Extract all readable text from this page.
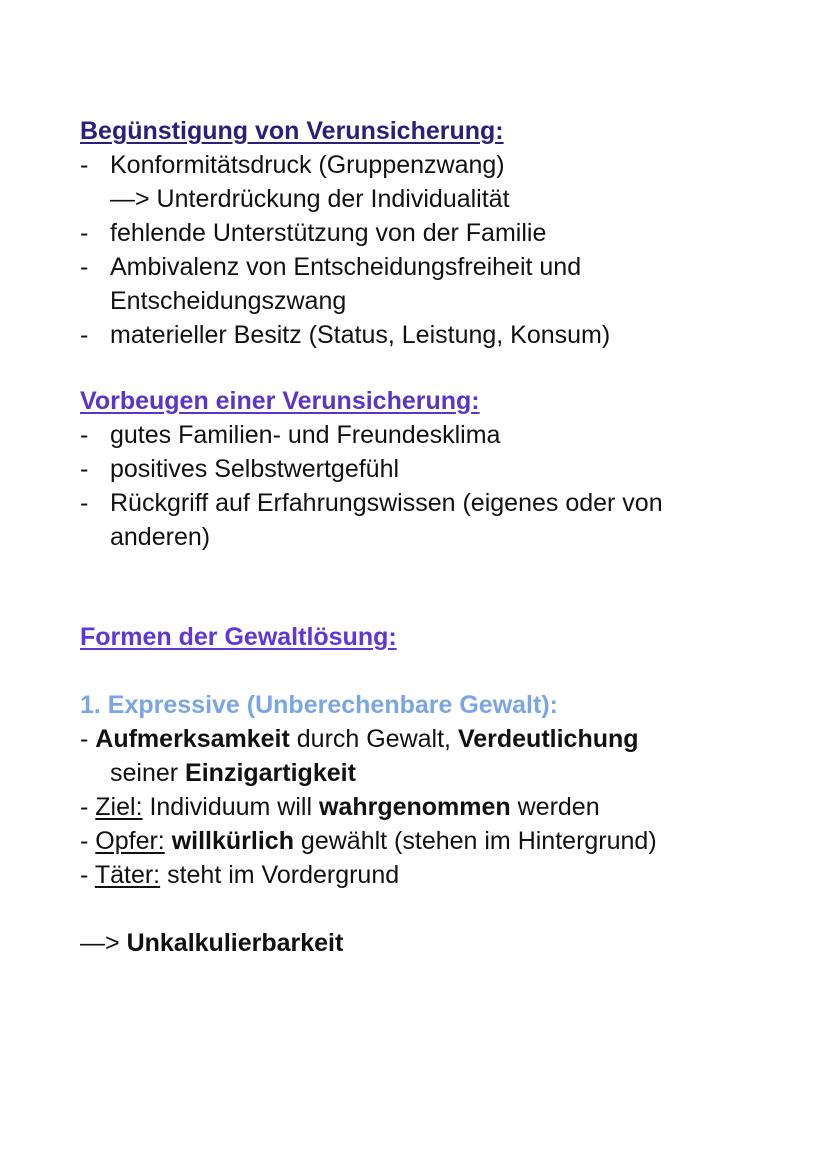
Begünstigung von Verunsicherung:
- Konformitätsdruck (Gruppenzwang)
—> Unterdrückung der Individualität
- fehlende Unterstützung von der Familie
- Ambivalenz von Entscheidungsfreiheit und
Entscheidungszwang
- materieller Besitz (Status, Leistung, Konsum)
Vorbeugen einer Verunsicherung:
- gutes Familien- und Freundesklima
- positives Selbstwertgefühl
- Rückgriff auf Erfahrungswissen (eigenes oder von
anderen)
Formen der Gewaltlösung:
1. Expressive (Unberechenbare Gewalt):
- Aufmerksamkeit durch Gewalt, Verdeutlichung
seiner Einzigartigkeit
- Ziel: Individuum will wahrgenommen werden
- Opfer: willkürlich gewählt (stehen im Hintergrund)
- Täter: steht im Vordergrund
—> Unkalkulierbarkeit
